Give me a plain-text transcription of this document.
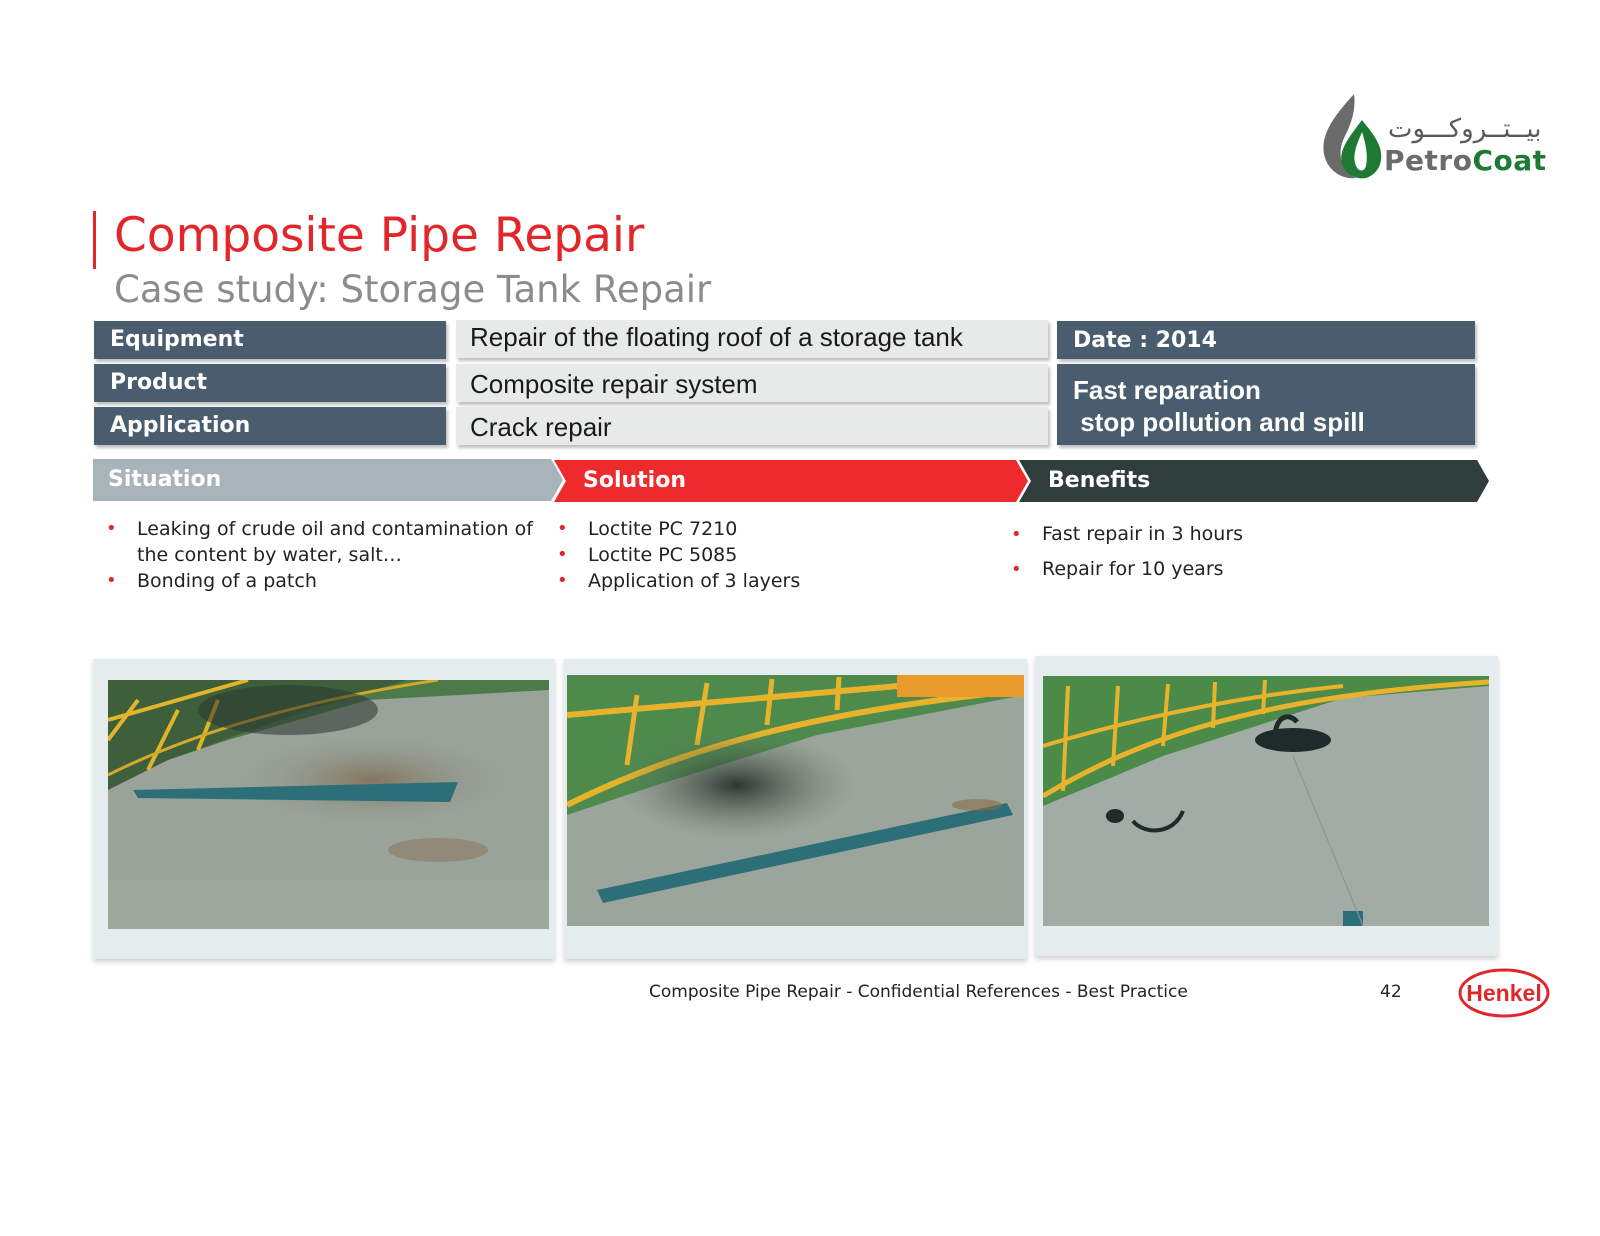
بيــتــروكـــوت
PetroCoat
Composite Pipe Repair
Case study: Storage Tank Repair
Equipment	Repair of the floating roof of a storage tank
Product	Composite repair system
Application	Crack repair
Date : 2014
Fast reparation
stop pollution and spill
Situation	Solution	Benefits
• Leaking of crude oil and contamination of the content by water, salt…
• Bonding of a patch
• Loctite PC 7210
• Loctite PC 5085
• Application of 3 layers
• Fast repair in 3 hours
• Repair for 10 years
Composite Pipe Repair - Confidential References - Best Practice	42	Henkel
